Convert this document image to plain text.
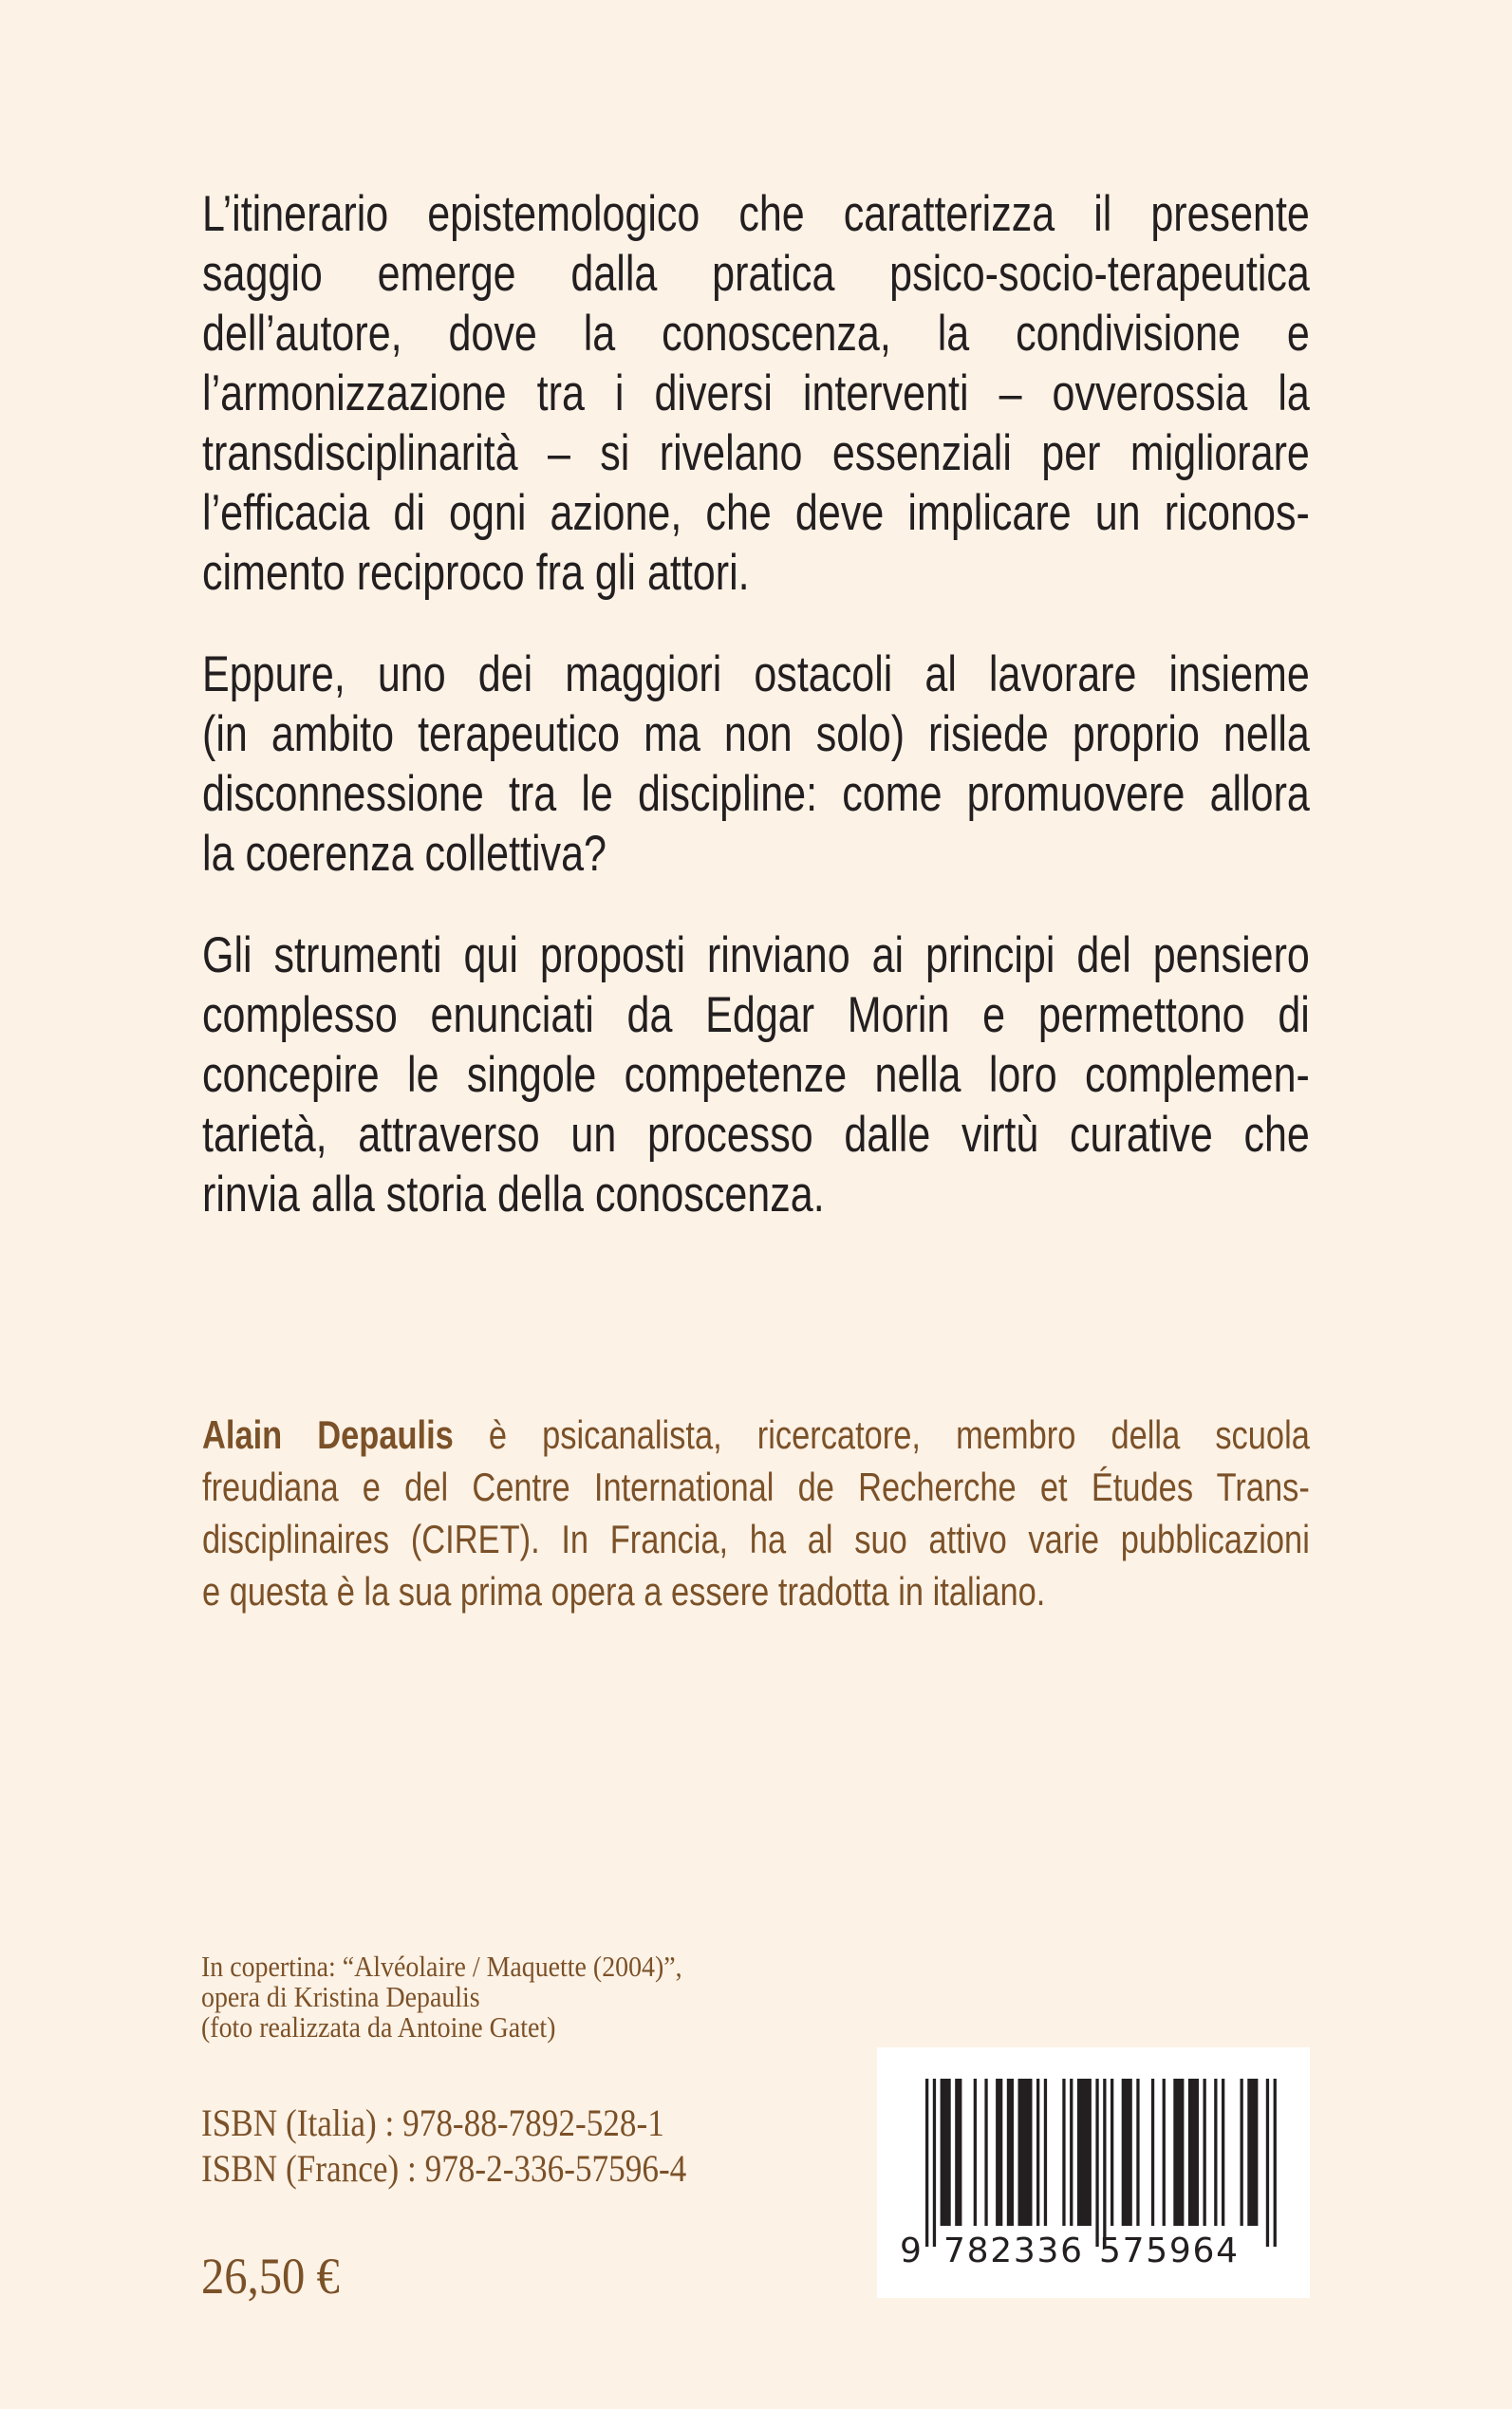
L’itinerario epistemologico che caratterizza il presente
saggio emerge dalla pratica psico-socio-terapeutica
dell’autore, dove la conoscenza, la condivisione e
l’armonizzazione tra i diversi interventi – ovverossia la
transdisciplinarità – si rivelano essenziali per migliorare
l’efficacia di ogni azione, che deve implicare un riconos-
cimento reciproco fra gli attori.

Eppure, uno dei maggiori ostacoli al lavorare insieme
(in ambito terapeutico ma non solo) risiede proprio nella
disconnessione tra le discipline: come promuovere allora
la coerenza collettiva?

Gli strumenti qui proposti rinviano ai principi del pensiero
complesso enunciati da Edgar Morin e permettono di
concepire le singole competenze nella loro complemen-
tarietà, attraverso un processo dalle virtù curative che
rinvia alla storia della conoscenza.

Alain Depaulis è psicanalista, ricercatore, membro della scuola
freudiana e del Centre International de Recherche et Études Trans-
disciplinaires (CIRET). In Francia, ha al suo attivo varie pubblicazioni
e questa è la sua prima opera a essere tradotta in italiano.

In copertina: “Alvéolaire / Maquette (2004)”,
opera di Kristina Depaulis
(foto realizzata da Antoine Gatet)
ISBN (Italia) : 978-88-7892-528-1
ISBN (France) : 978-2-336-57596-4
26,50 €	9 782336 575964
